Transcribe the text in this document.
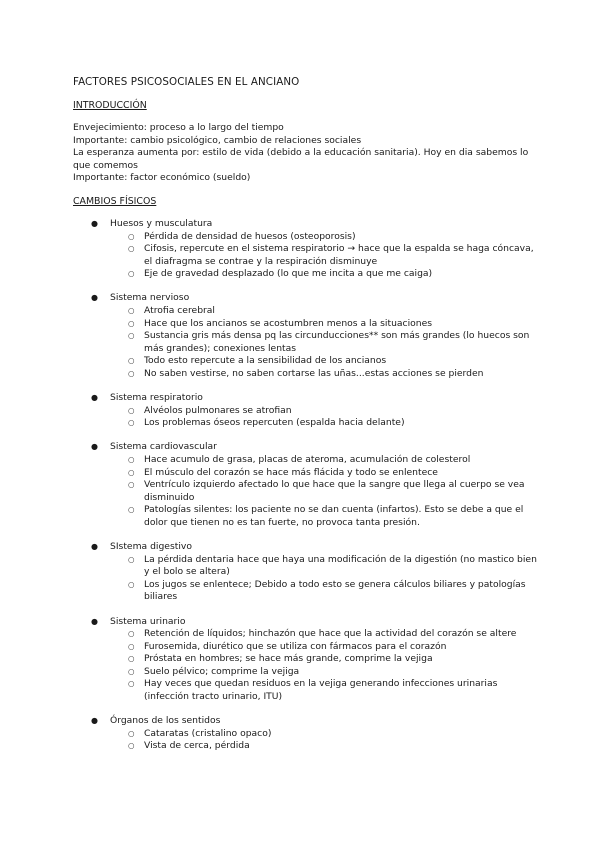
FACTORES PSICOSOCIALES EN EL ANCIANO
INTRODUCCIÓN

Envejecimiento: proceso a lo largo del tiempo

Importante: cambio psicológico, cambio de relaciones sociales

La esperanza aumenta por: estilo de vida (debido a la educación sanitaria). Hoy en dia sabemos lo que comemos

Importante: factor económico (sueldo)

CAMBIOS FÍSICOS
● Huesos y musculatura
○ Pérdida de densidad de huesos (osteoporosis)
○ Cifosis, repercute en el sistema respiratorio → hace que la espalda se haga cóncava, el diafragma se contrae y la respiración disminuye
○ Eje de gravedad desplazado (lo que me incita a que me caiga)
● Sistema nervioso
○ Atrofia cerebral
○ Hace que los ancianos se acostumbren menos a la situaciones
○ Sustancia gris más densa pq las circunducciones** son más grandes (lo huecos son más grandes); conexiones lentas
○ Todo esto repercute a la sensibilidad de los ancianos
○ No saben vestirse, no saben cortarse las uñas...estas acciones se pierden
● Sistema respiratorio
○ Alvéolos pulmonares se atrofian
○ Los problemas óseos repercuten (espalda hacia delante)
● Sistema cardiovascular
○ Hace acumulo de grasa, placas de ateroma, acumulación de colesterol
○ El músculo del corazón se hace más flácida y todo se enlentece
○ Ventrículo izquierdo afectado lo que hace que la sangre que llega al cuerpo se vea disminuido
○ Patologías silentes: los paciente no se dan cuenta (infartos). Esto se debe a que el dolor que tienen no es tan fuerte, no provoca tanta presión.
● SIstema digestivo
○ La pérdida dentaria hace que haya una modificación de la digestión (no mastico bien y el bolo se altera)
○ Los jugos se enlentece; Debido a todo esto se genera cálculos biliares y patologías biliares
● Sistema urinario
○ Retención de líquidos; hinchazón que hace que la actividad del corazón se altere
○ Furosemida, diurético que se utiliza con fármacos para el corazón
○ Próstata en hombres; se hace más grande, comprime la vejiga
○ Suelo pélvico; comprime la vejiga
○ Hay veces que quedan residuos en la vejiga generando infecciones urinarias (infección tracto urinario, ITU)
● Órganos de los sentidos
○ Cataratas (cristalino opaco)
○ Vista de cerca, pérdida
